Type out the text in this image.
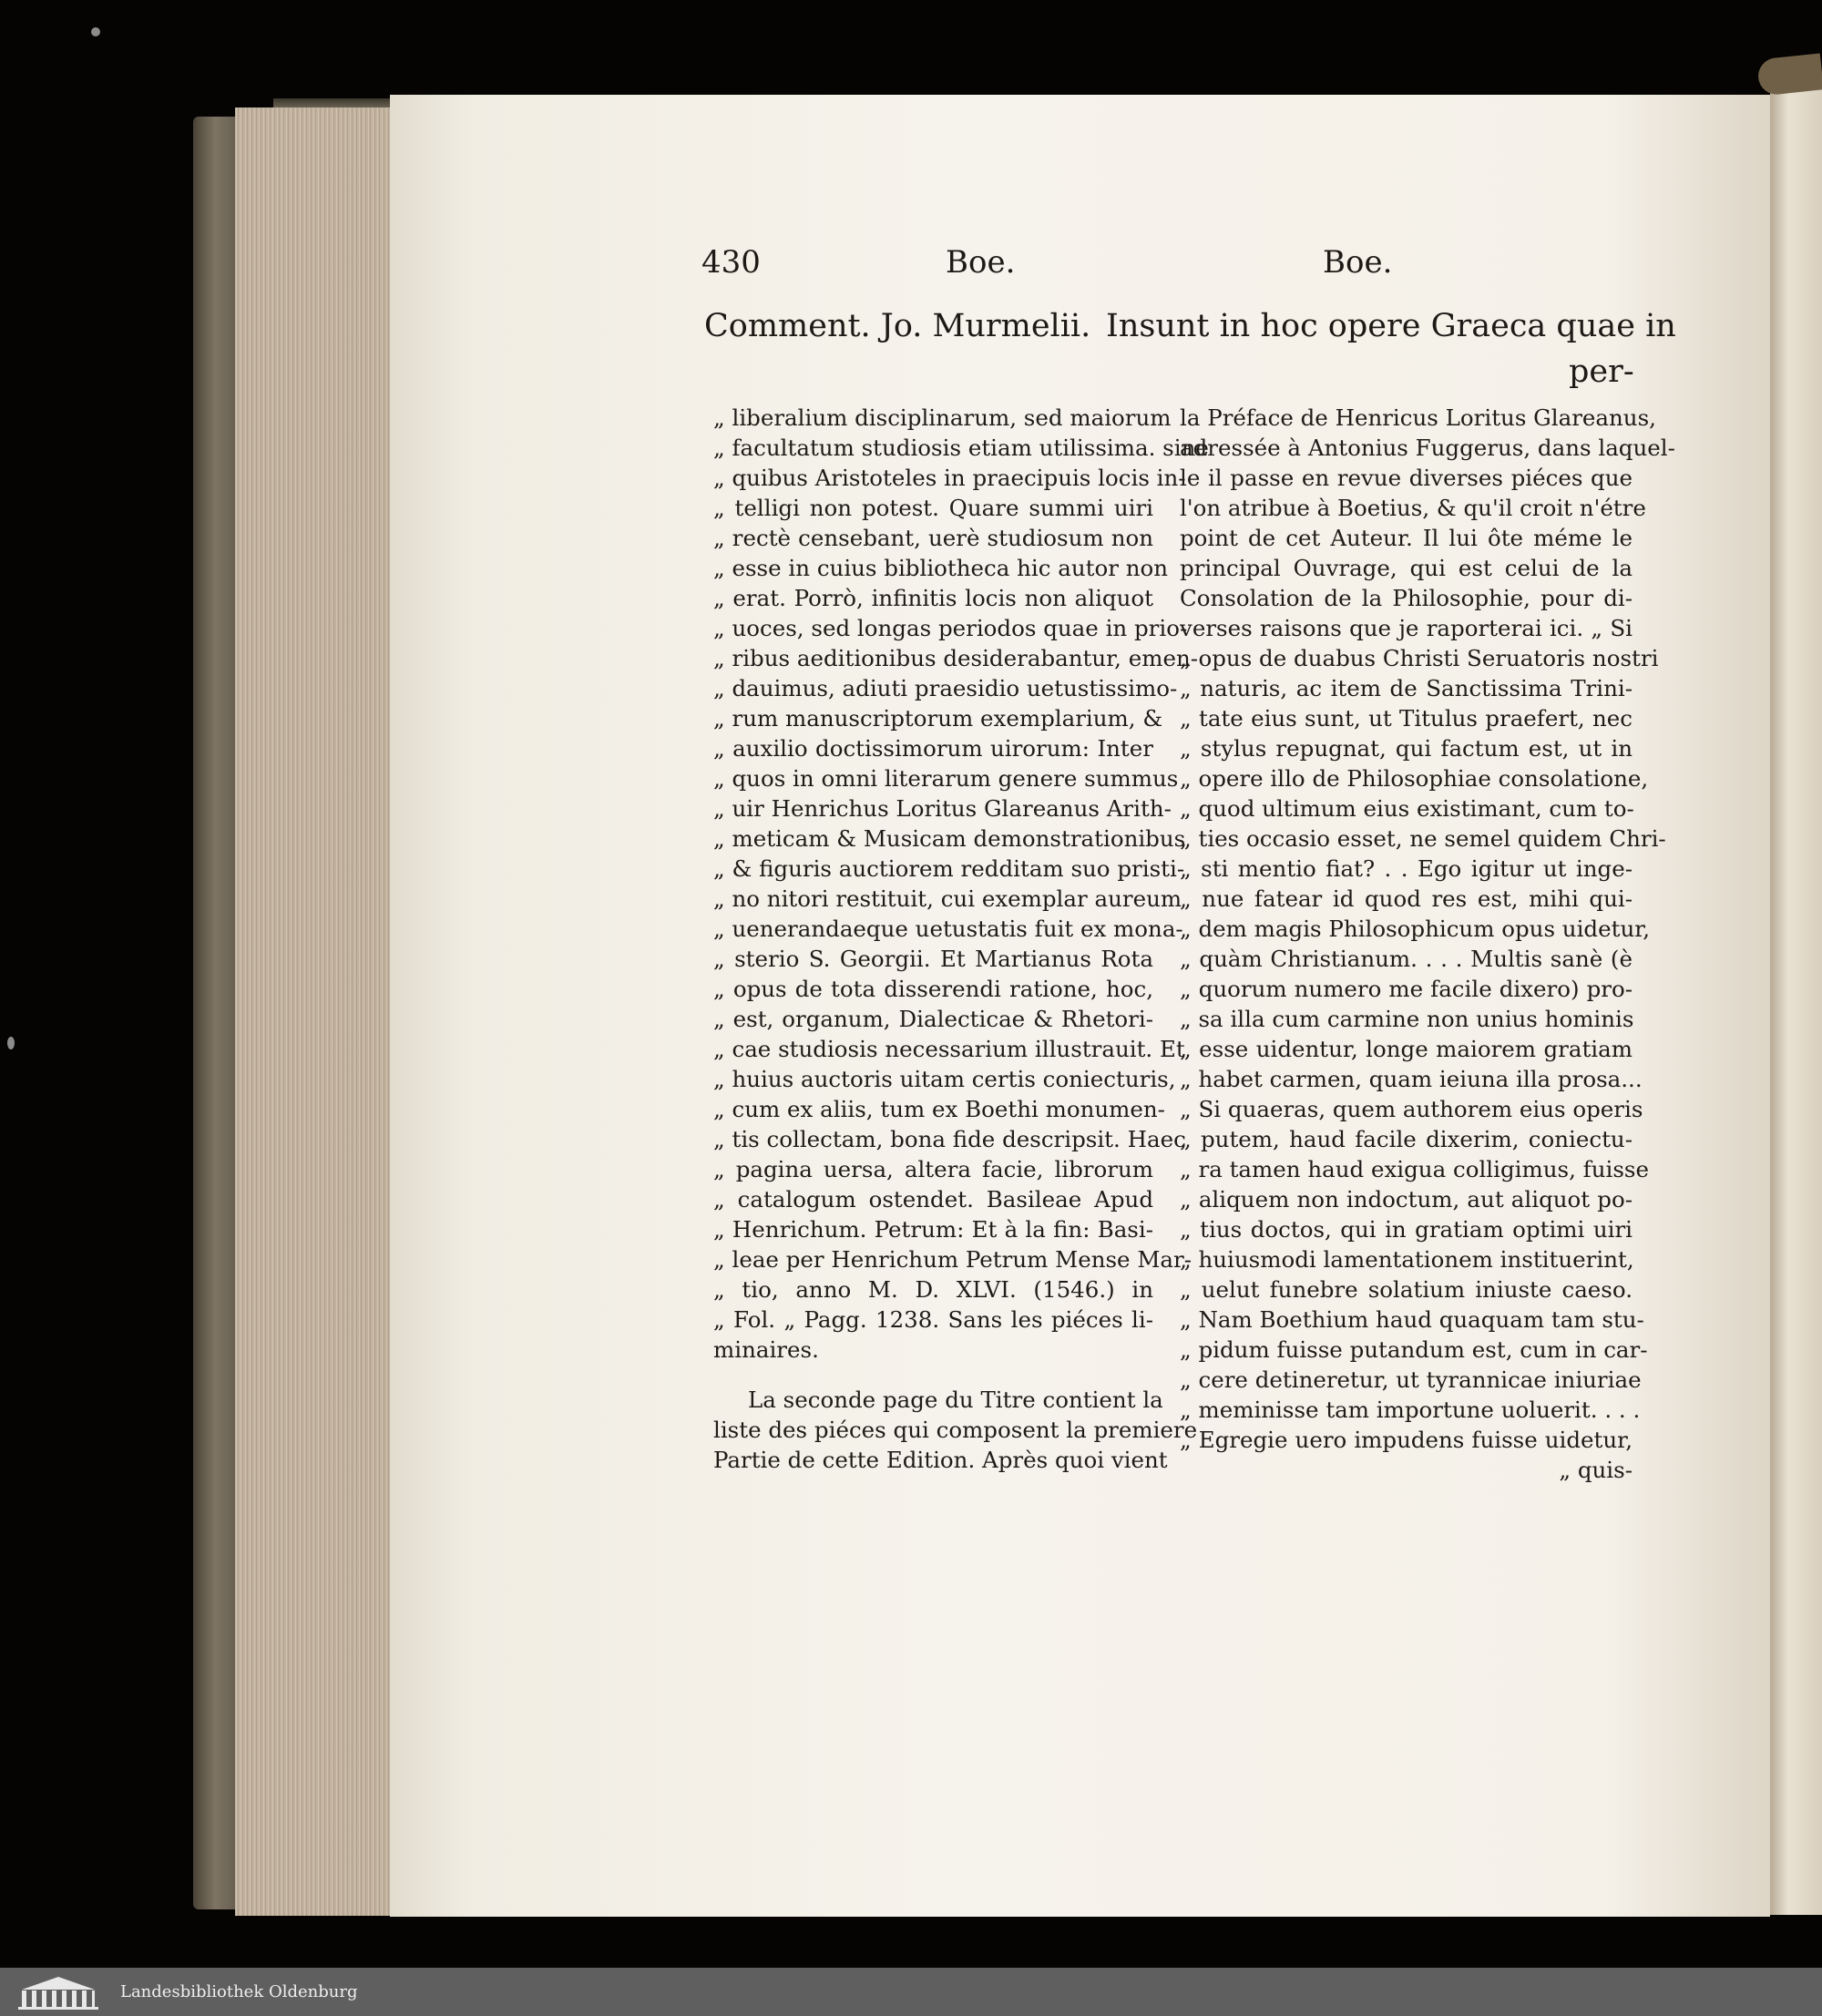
430	Boe.	Boe.
Comment. Jo. Murmelii. Insunt in hoc opere Graeca quae in
per-
„ liberalium disciplinarum, sed maiorum
„ facultatum studiosis etiam utilissima. sine
„ quibus Aristoteles in praecipuis locis in-
„ telligi non potest. Quare summi uiri
„ rectè censebant, uerè studiosum non
„ esse in cuius bibliotheca hic autor non
„ erat. Porrò, infinitis locis non aliquot
„ uoces, sed longas periodos quae in prio-
„ ribus aeditionibus desiderabantur, emen-
„ dauimus, adiuti praesidio uetustissimo-
„ rum manuscriptorum exemplarium, &
„ auxilio doctissimorum uirorum: Inter
„ quos in omni literarum genere summus
„ uir Henrichus Loritus Glareanus Arith-
„ meticam & Musicam demonstrationibus
„ & figuris auctiorem redditam suo pristi-
„ no nitori restituit, cui exemplar aureum
„ uenerandaeque uetustatis fuit ex mona-
„ sterio S. Georgii. Et Martianus Rota
„ opus de tota disserendi ratione, hoc,
„ est, organum, Dialecticae & Rhetori-
„ cae studiosis necessarium illustrauit. Et
„ huius auctoris uitam certis coniecturis,
„ cum ex aliis, tum ex Boethi monumen-
„ tis collectam, bona fide descripsit. Haec
„ pagina uersa, altera facie, librorum
„ catalogum ostendet. Basileae Apud
„ Henrichum. Petrum: Et à la fin: Basi-
„ leae per Henrichum Petrum Mense Mar-
„ tio, anno M. D. XLVI. (1546.) in
„ Fol. „ Pagg. 1238. Sans les piéces li-
minaires.
La seconde page du Titre contient la
liste des piéces qui composent la premiere
Partie de cette Edition. Après quoi vient
la Préface de Henricus Loritus Glareanus,
adressée à Antonius Fuggerus, dans laquel-
le il passe en revue diverses piéces que
l'on atribue à Boetius, & qu'il croit n'étre
point de cet Auteur. Il lui ôte méme le
principal Ouvrage, qui est celui de la
Consolation de la Philosophie, pour di-
verses raisons que je raporterai ici. „ Si
„ opus de duabus Christi Seruatoris nostri
„ naturis, ac item de Sanctissima Trini-
„ tate eius sunt, ut Titulus praefert, nec
„ stylus repugnat, qui factum est, ut in
„ opere illo de Philosophiae consolatione,
„ quod ultimum eius existimant, cum to-
„ ties occasio esset, ne semel quidem Chri-
„ sti mentio fiat? . . Ego igitur ut inge-
„ nue fatear id quod res est, mihi qui-
„ dem magis Philosophicum opus uidetur,
„ quàm Christianum. . . . Multis sanè (è
„ quorum numero me facile dixero) pro-
„ sa illa cum carmine non unius hominis
„ esse uidentur, longe maiorem gratiam
„ habet carmen, quam ieiuna illa prosa...
„ Si quaeras, quem authorem eius operis
„ putem, haud facile dixerim, coniectu-
„ ra tamen haud exigua colligimus, fuisse
„ aliquem non indoctum, aut aliquot po-
„ tius doctos, qui in gratiam optimi uiri
„ huiusmodi lamentationem instituerint,
„ uelut funebre solatium iniuste caeso.
„ Nam Boethium haud quaquam tam stu-
„ pidum fuisse putandum est, cum in car-
„ cere detineretur, ut tyrannicae iniuriae
„ meminisse tam importune uoluerit. . . .
„ Egregie uero impudens fuisse uidetur,
„ quis-
Landesbibliothek Oldenburg
